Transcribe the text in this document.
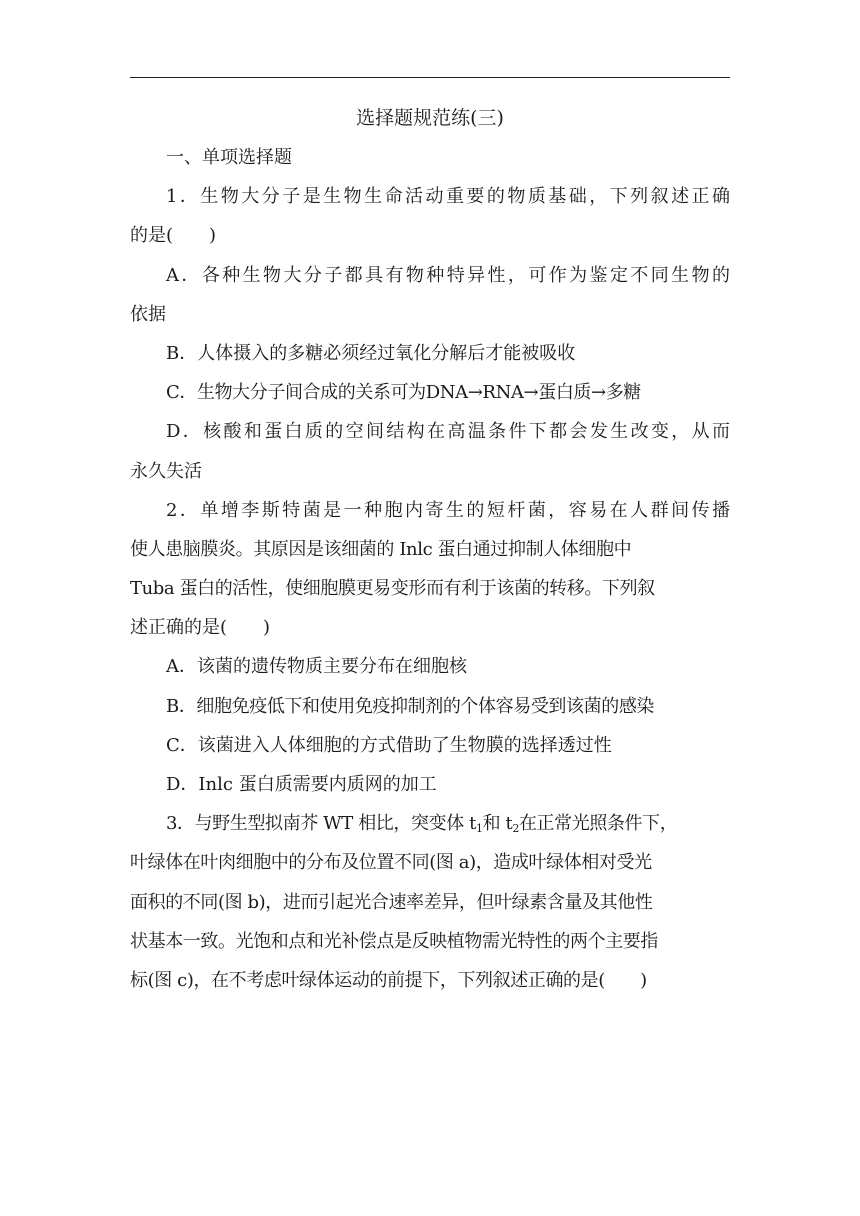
选择题规范练(三)

一、单项选择题

1．生物大分子是生物生命活动重要的物质基础，下列叙述正确

的是(　　)

A．各种生物大分子都具有物种特异性，可作为鉴定不同生物的

依据

B．人体摄入的多糖必须经过氧化分解后才能被吸收

C．生物大分子间合成的关系可为DNA→RNA→蛋白质→多糖

D．核酸和蛋白质的空间结构在高温条件下都会发生改变，从而

永久失活

2．单增李斯特菌是一种胞内寄生的短杆菌，容易在人群间传播

使人患脑膜炎。其原因是该细菌的 Inlc 蛋白通过抑制人体细胞中

Tuba 蛋白的活性，使细胞膜更易变形而有利于该菌的转移。下列叙

述正确的是(　　)

A．该菌的遗传物质主要分布在细胞核

B．细胞免疫低下和使用免疫抑制剂的个体容易受到该菌的感染

C．该菌进入人体细胞的方式借助了生物膜的选择透过性

D．Inlc 蛋白质需要内质网的加工

3．与野生型拟南芥 WT 相比，突变体 $t_1$和 $t_2$在正常光照条件下，

叶绿体在叶肉细胞中的分布及位置不同(图 a)，造成叶绿体相对受光

面积的不同(图 b)，进而引起光合速率差异，但叶绿素含量及其他性

状基本一致。光饱和点和光补偿点是反映植物需光特性的两个主要指

标(图 c)，在不考虑叶绿体运动的前提下，下列叙述正确的是(　　)
